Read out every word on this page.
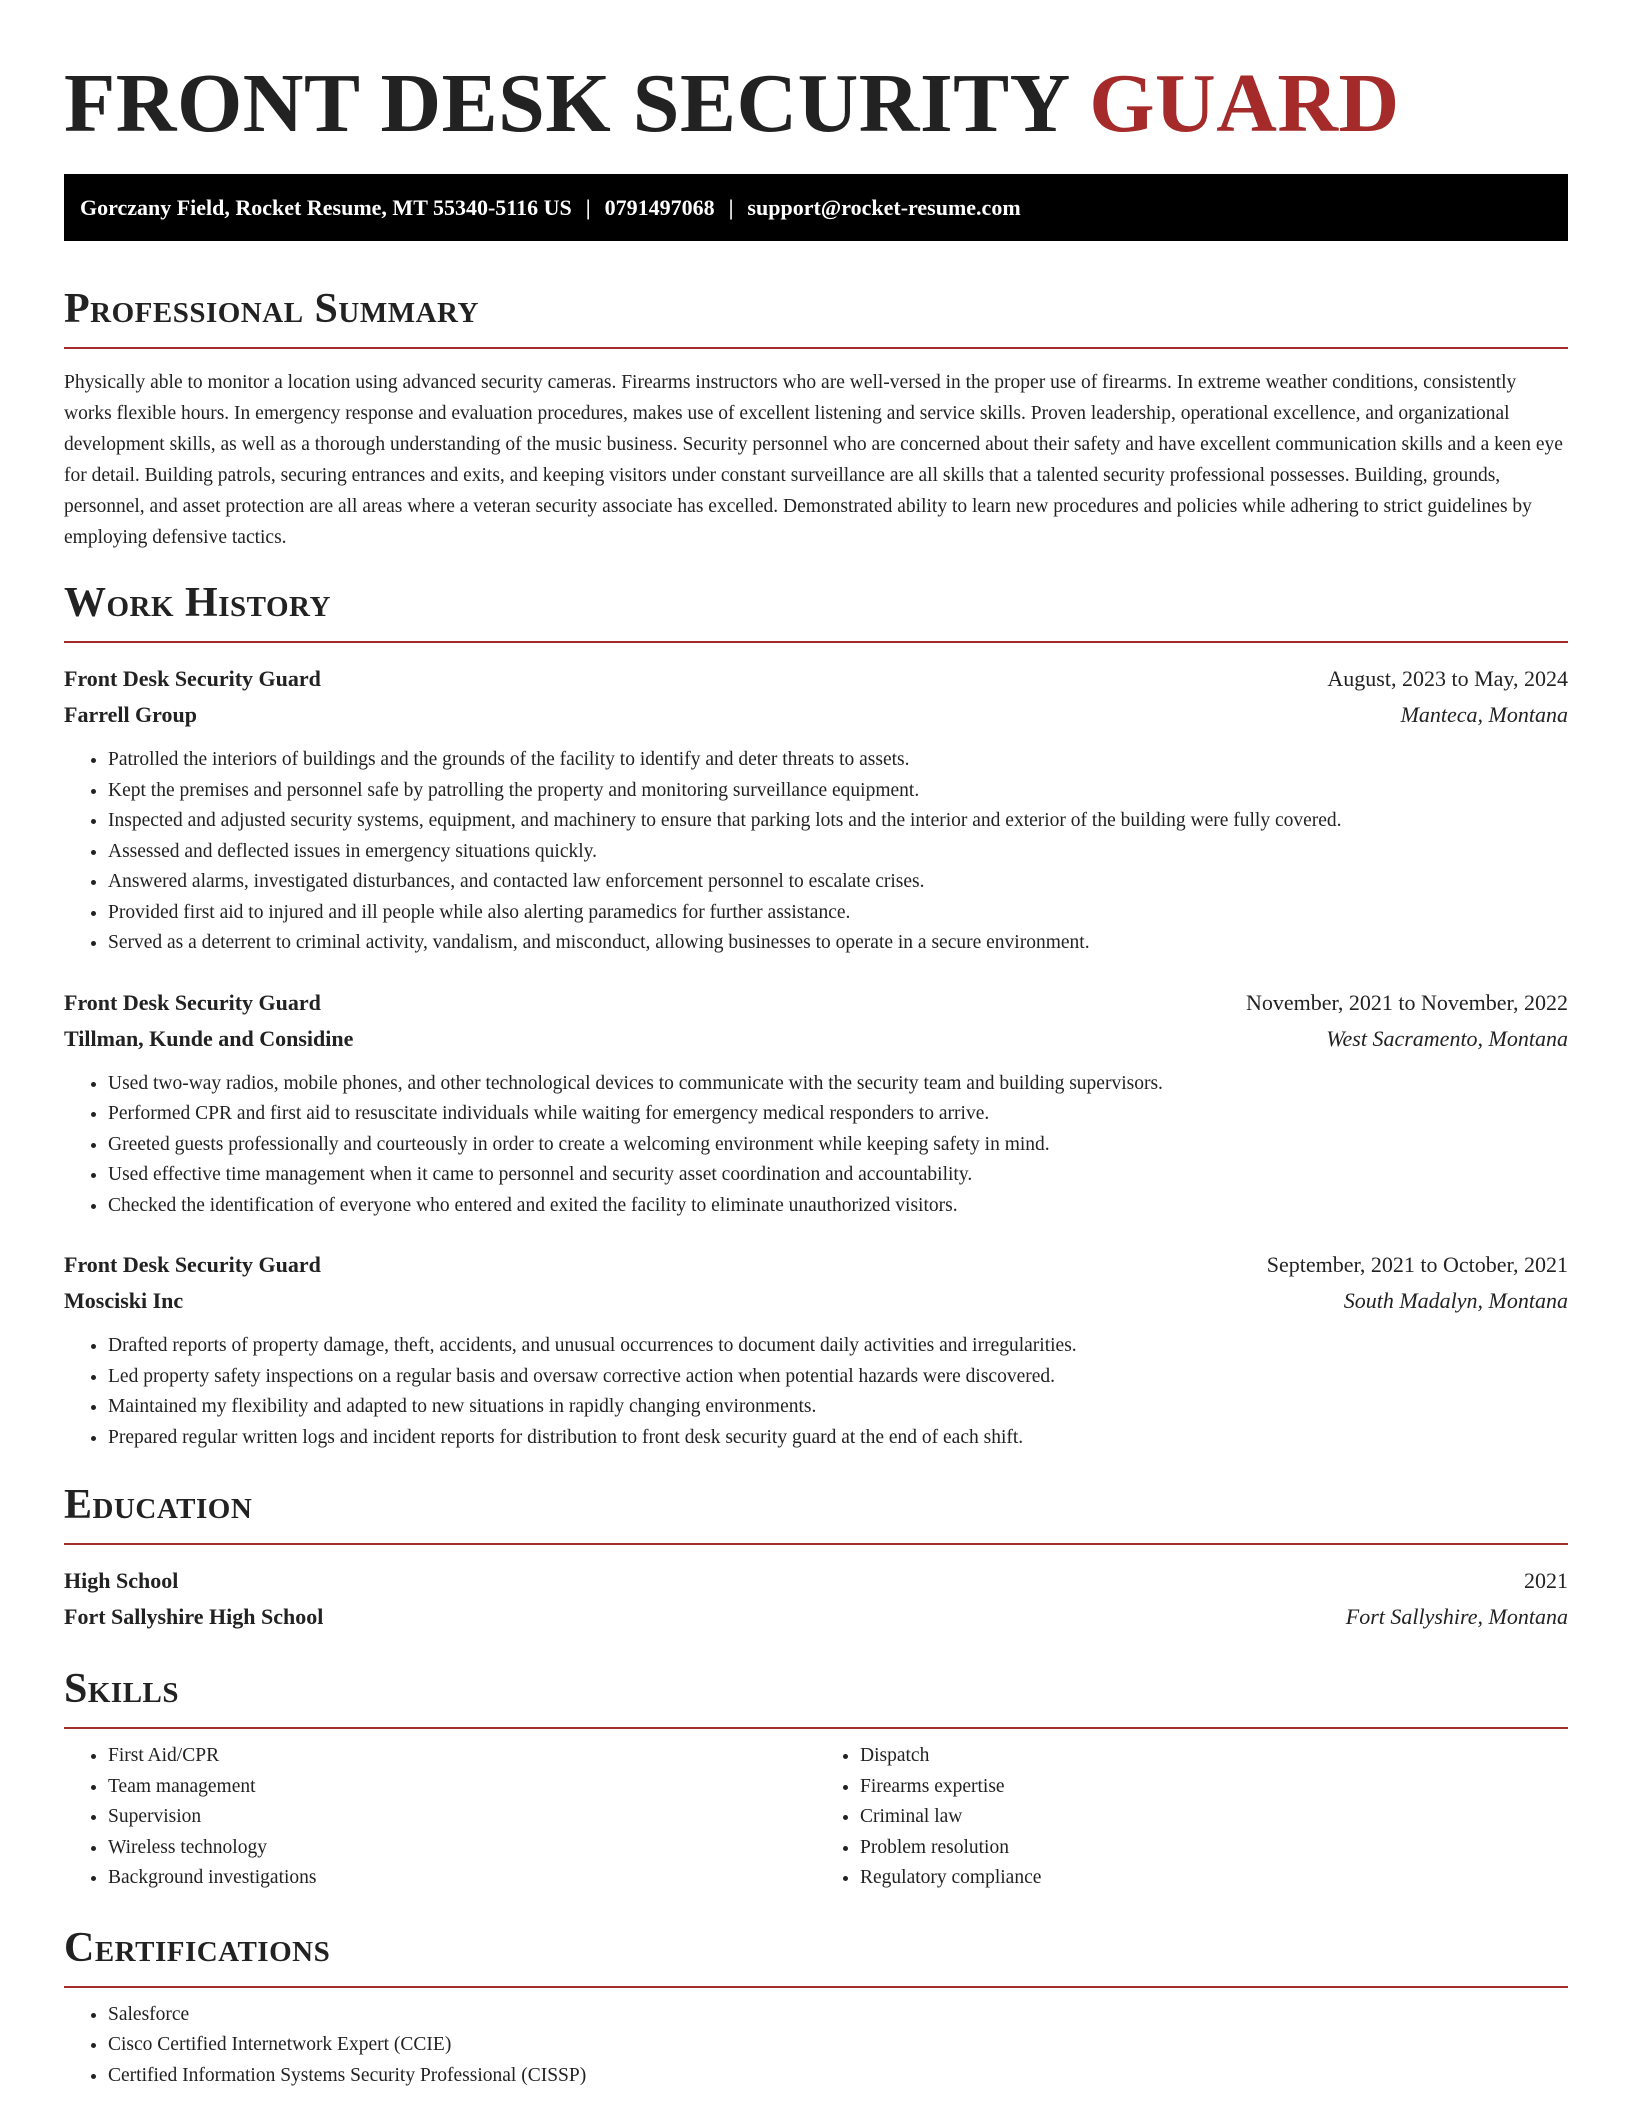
FRONT DESK SECURITY GUARD
Gorczany Field, Rocket Resume, MT 55340-5116 US | 0791497068 | support@rocket-resume.com
Professional Summary

Physically able to monitor a location using advanced security cameras. Firearms instructors who are well-versed in the proper use of firearms. In extreme weather conditions, consistently works flexible hours. In emergency response and evaluation procedures, makes use of excellent listening and service skills. Proven leadership, operational excellence, and organizational development skills, as well as a thorough understanding of the music business. Security personnel who are concerned about their safety and have excellent communication skills and a keen eye for detail. Building patrols, securing entrances and exits, and keeping visitors under constant surveillance are all skills that a talented security professional possesses. Building, grounds, personnel, and asset protection are all areas where a veteran security associate has excelled. Demonstrated ability to learn new procedures and policies while adhering to strict guidelines by employing defensive tactics.

Work History
Front Desk Security Guard	August, 2023 to May, 2024
Farrell Group	Manteca, Montana
• Patrolled the interiors of buildings and the grounds of the facility to identify and deter threats to assets.
• Kept the premises and personnel safe by patrolling the property and monitoring surveillance equipment.
• Inspected and adjusted security systems, equipment, and machinery to ensure that parking lots and the interior and exterior of the building were fully covered.
• Assessed and deflected issues in emergency situations quickly.
• Answered alarms, investigated disturbances, and contacted law enforcement personnel to escalate crises.
• Provided first aid to injured and ill people while also alerting paramedics for further assistance.
• Served as a deterrent to criminal activity, vandalism, and misconduct, allowing businesses to operate in a secure environment.
Front Desk Security Guard	November, 2021 to November, 2022
Tillman, Kunde and Considine	West Sacramento, Montana
• Used two-way radios, mobile phones, and other technological devices to communicate with the security team and building supervisors.
• Performed CPR and first aid to resuscitate individuals while waiting for emergency medical responders to arrive.
• Greeted guests professionally and courteously in order to create a welcoming environment while keeping safety in mind.
• Used effective time management when it came to personnel and security asset coordination and accountability.
• Checked the identification of everyone who entered and exited the facility to eliminate unauthorized visitors.
Front Desk Security Guard	September, 2021 to October, 2021
Mosciski Inc	South Madalyn, Montana
• Drafted reports of property damage, theft, accidents, and unusual occurrences to document daily activities and irregularities.
• Led property safety inspections on a regular basis and oversaw corrective action when potential hazards were discovered.
• Maintained my flexibility and adapted to new situations in rapidly changing environments.
• Prepared regular written logs and incident reports for distribution to front desk security guard at the end of each shift.
Education
High School	2021
Fort Sallyshire High School	Fort Sallyshire, Montana
Skills
• First Aid/CPR
• Team management
• Supervision
• Wireless technology
• Background investigations
• Dispatch
• Firearms expertise
• Criminal law
• Problem resolution
• Regulatory compliance
Certifications
• Salesforce
• Cisco Certified Internetwork Expert (CCIE)
• Certified Information Systems Security Professional (CISSP)
